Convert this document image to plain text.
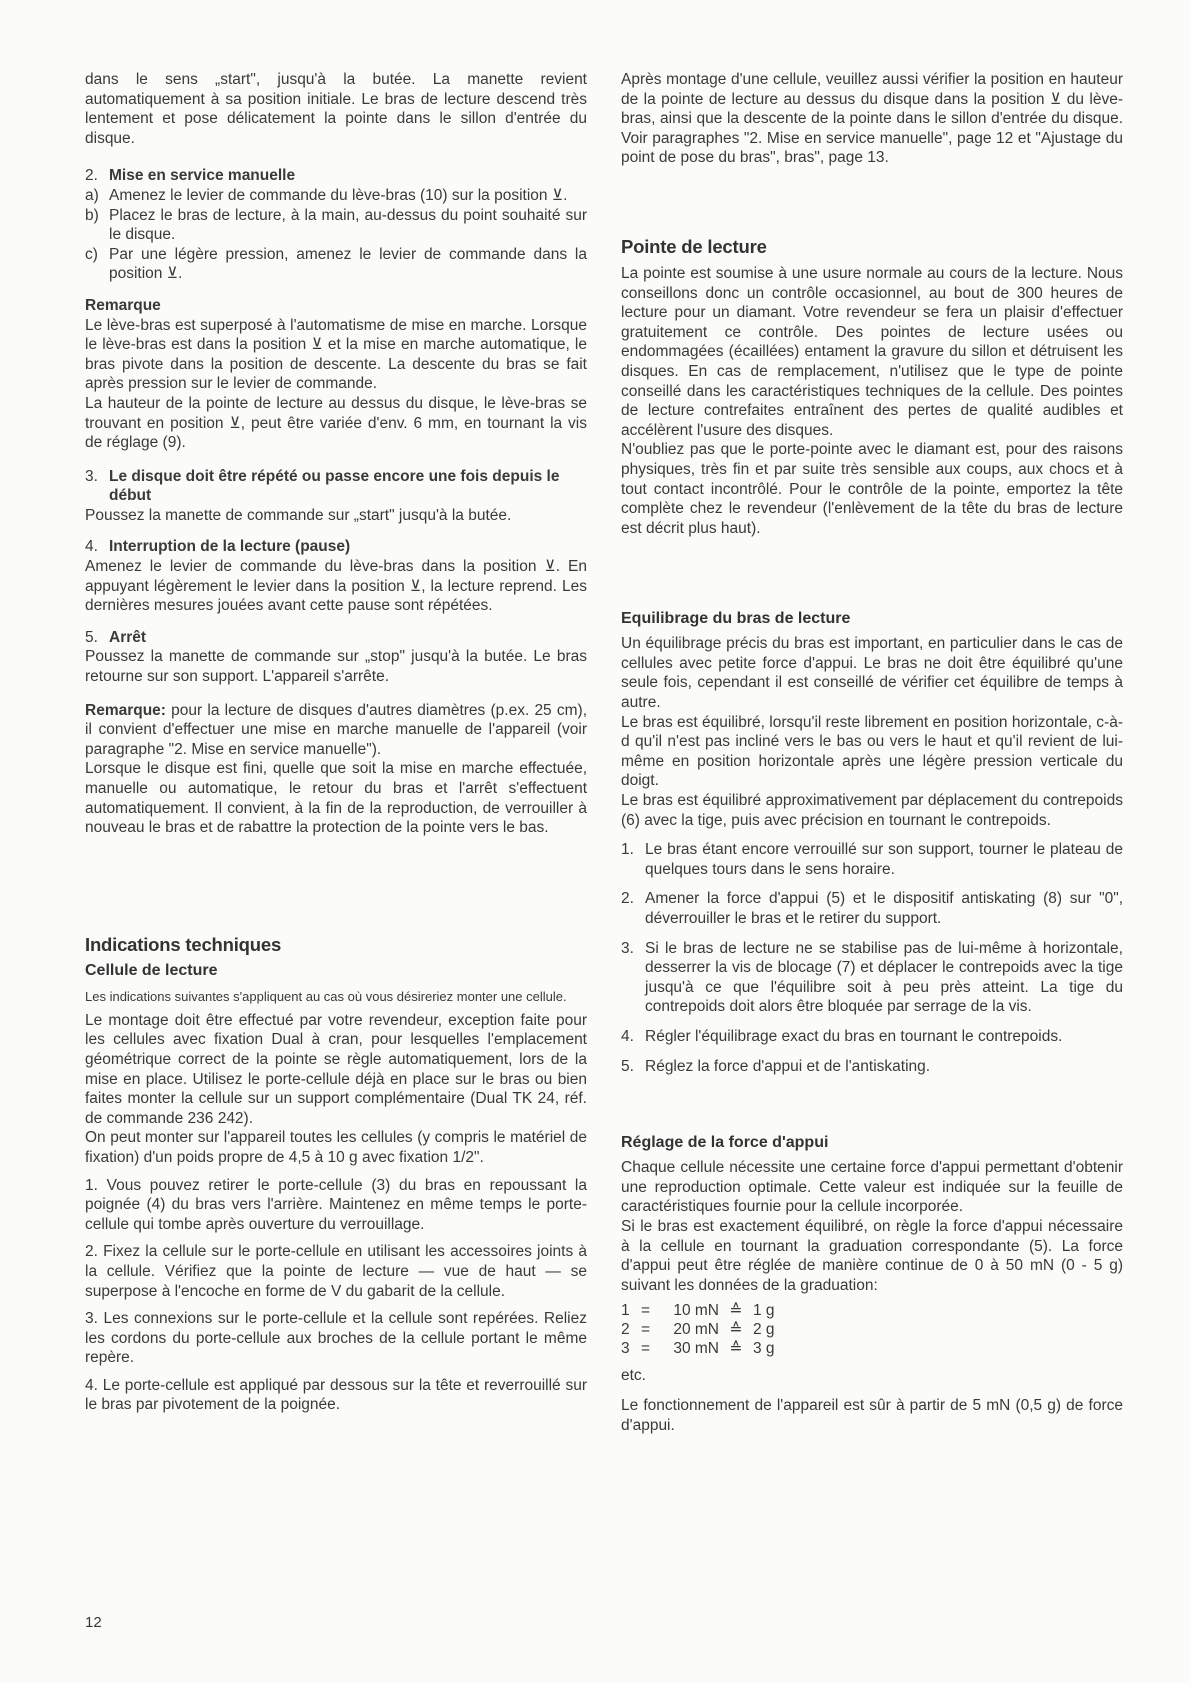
dans le sens „start", jusqu'à la butée. La manette revient automatiquement à sa position initiale. Le bras de lecture descend très lentement et pose délicatement la pointe dans le sillon d'entrée du disque.

2. Mise en service manuelle
a) Amenez le levier de commande du lève-bras (10) sur la position ⊻.
b) Placez le bras de lecture, à la main, au-dessus du point souhaité sur le disque.
c) Par une légère pression, amenez le levier de commande dans la position ⊻.

Remarque

Le lève-bras est superposé à l'automatisme de mise en marche. Lorsque le lève-bras est dans la position ⊻ et la mise en marche automatique, le bras pivote dans la position de descente. La descente du bras se fait après pression sur le levier de commande.

La hauteur de la pointe de lecture au dessus du disque, le lève-bras se trouvant en position ⊻, peut être variée d'env. 6 mm, en tournant la vis de réglage (9).

3. Le disque doit être répété ou passe encore une fois depuis le début

Poussez la manette de commande sur „start" jusqu'à la butée.

4. Interruption de la lecture (pause)

Amenez le levier de commande du lève-bras dans la position ⊻. En appuyant légèrement le levier dans la position ⊻, la lecture reprend. Les dernières mesures jouées avant cette pause sont répétées.

5. Arrêt

Poussez la manette de commande sur „stop" jusqu'à la butée. Le bras retourne sur son support. L'appareil s'arrête.

Remarque: pour la lecture de disques d'autres diamètres (p.ex. 25 cm), il convient d'effectuer une mise en marche manuelle de l'appareil (voir paragraphe "2. Mise en service manuelle").

Lorsque le disque est fini, quelle que soit la mise en marche effectuée, manuelle ou automatique, le retour du bras et l'arrêt s'effectuent automatiquement. Il convient, à la fin de la reproduction, de verrouiller à nouveau le bras et de rabattre la protection de la pointe vers le bas.

Indications techniques
Cellule de lecture

Les indications suivantes s'appliquent au cas où vous désireriez monter une cellule.

Le montage doit être effectué par votre revendeur, exception faite pour les cellules avec fixation Dual à cran, pour lesquelles l'emplacement géométrique correct de la pointe se règle automatiquement, lors de la mise en place. Utilisez le porte-cellule déjà en place sur le bras ou bien faites monter la cellule sur un support complémentaire (Dual TK 24, réf. de commande 236 242).

On peut monter sur l'appareil toutes les cellules (y compris le matériel de fixation) d'un poids propre de 4,5 à 10 g avec fixation 1/2".

1. Vous pouvez retirer le porte-cellule (3) du bras en repoussant la poignée (4) du bras vers l'arrière. Maintenez en même temps le porte-cellule qui tombe après ouverture du verrouillage.

2. Fixez la cellule sur le porte-cellule en utilisant les accessoires joints à la cellule. Vérifiez que la pointe de lecture — vue de haut — se superpose à l'encoche en forme de V du gabarit de la cellule.

3. Les connexions sur le porte-cellule et la cellule sont repérées. Reliez les cordons du porte-cellule aux broches de la cellule portant le même repère.

4. Le porte-cellule est appliqué par dessous sur la tête et reverrouillé sur le bras par pivotement de la poignée.

Après montage d'une cellule, veuillez aussi vérifier la position en hauteur de la pointe de lecture au dessus du disque dans la position ⊻ du lève-bras, ainsi que la descente de la pointe dans le sillon d'entrée du disque. Voir paragraphes "2. Mise en service manuelle", page 12 et "Ajustage du point de pose du bras", bras", page 13.

Pointe de lecture

La pointe est soumise à une usure normale au cours de la lecture. Nous conseillons donc un contrôle occasionnel, au bout de 300 heures de lecture pour un diamant. Votre revendeur se fera un plaisir d'effectuer gratuitement ce contrôle. Des pointes de lecture usées ou endommagées (écaillées) entament la gravure du sillon et détruisent les disques. En cas de remplacement, n'utilisez que le type de pointe conseillé dans les caractéristiques techniques de la cellule. Des pointes de lecture contrefaites entraînent des pertes de qualité audibles et accélèrent l'usure des disques.

N'oubliez pas que le porte-pointe avec le diamant est, pour des raisons physiques, très fin et par suite très sensible aux coups, aux chocs et à tout contact incontrôlé. Pour le contrôle de la pointe, emportez la tête complète chez le revendeur (l'enlèvement de la tête du bras de lecture est décrit plus haut).

Equilibrage du bras de lecture

Un équilibrage précis du bras est important, en particulier dans le cas de cellules avec petite force d'appui. Le bras ne doit être équilibré qu'une seule fois, cependant il est conseillé de vérifier cet équilibre de temps à autre.

Le bras est équilibré, lorsqu'il reste librement en position horizontale, c-à-d qu'il n'est pas incliné vers le bas ou vers le haut et qu'il revient de lui-même en position horizontale après une légère pression verticale du doigt.

Le bras est équilibré approximativement par déplacement du contrepoids (6) avec la tige, puis avec précision en tournant le contrepoids.

1. Le bras étant encore verrouillé sur son support, tourner le plateau de quelques tours dans le sens horaire.
2. Amener la force d'appui (5) et le dispositif antiskating (8) sur "0", déverrouiller le bras et le retirer du support.
3. Si le bras de lecture ne se stabilise pas de lui-même à horizontale, desserrer la vis de blocage (7) et déplacer le contrepoids avec la tige jusqu'à ce que l'équilibre soit à peu près atteint. La tige du contrepoids doit alors être bloquée par serrage de la vis.
4. Régler l'équilibrage exact du bras en tournant le contrepoids.
5. Réglez la force d'appui et de l'antiskating.
Réglage de la force d'appui

Chaque cellule nécessite une certaine force d'appui permettant d'obtenir une reproduction optimale. Cette valeur est indiquée sur la feuille de caractéristiques fournie pour la cellule incorporée.

Si le bras est exactement équilibré, on règle la force d'appui nécessaire à la cellule en tournant la graduation correspondante (5). La force d'appui peut être réglée de manière continue de 0 à 50 mN (0 - 5 g) suivant les données de la graduation:

1 = 10 mN ≙ 1 g
2 = 20 mN ≙ 2 g
3 = 30 mN ≙ 3 g

etc.

Le fonctionnement de l'appareil est sûr à partir de 5 mN (0,5 g) de force d'appui.

12
